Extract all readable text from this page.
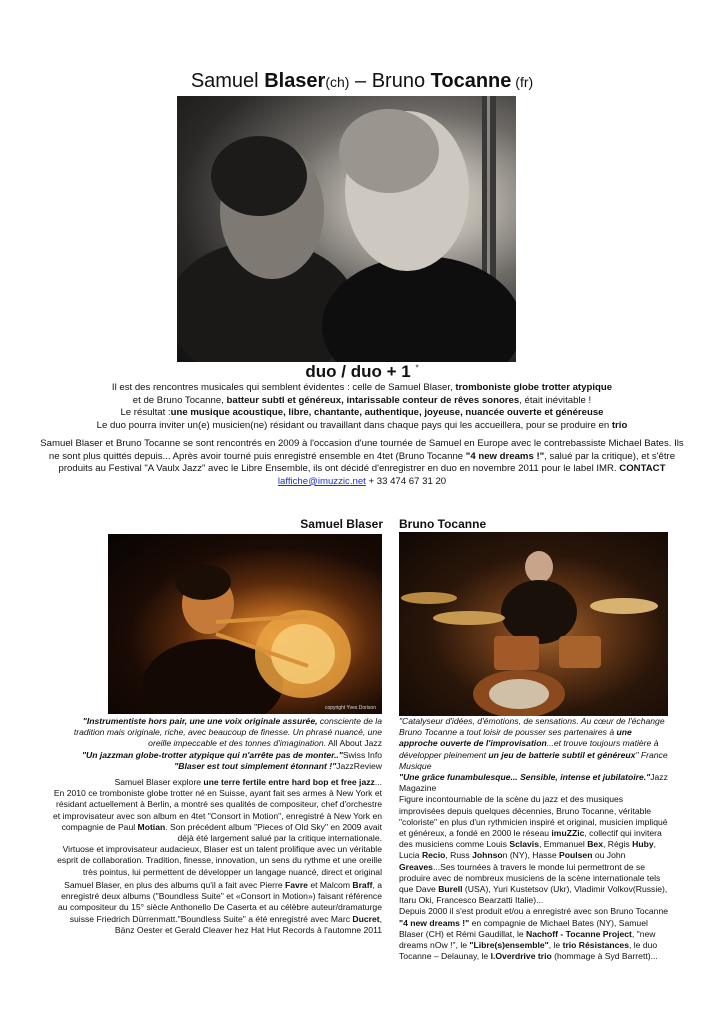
Samuel Blaser(ch) – Bruno Tocanne (fr)
duo / duo + 1 *
Il est des rencontres musicales qui semblent évidentes : celle de Samuel Blaser, tromboniste globe trotter atypique
et de Bruno Tocanne, batteur subtl et généreux, intarissable conteur de rêves sonores, était inévitable !
Le résultat :une musique acoustique, libre, chantante, authentique, joyeuse, nuancée ouverte et généreuse
Le duo pourra inviter un(e) musicien(ne) résidant ou travaillant dans chaque pays qui les accueillera, pour se produire en trio
Samuel Blaser et Bruno Tocanne se sont rencontrés en 2009 à l'occasion d'une tournée de Samuel en Europe avec le contrebassiste Michael Bates. Ils ne sont plus quittés depuis... Après avoir tourné puis enregistré ensemble en 4tet (Bruno Tocanne "4 new dreams !", salué par la critique), et s'être produits au Festival "A Vaulx Jazz" avec le Libre Ensemble, ils ont décidé d'enregistrer en duo en novembre 2011 pour le label IMR. CONTACT laffiche@imuzzic.net + 33 474 67 31 20
Samuel Blaser Bruno Tocanne
copyright Yves Dorison

"Instrumentiste hors pair, une une voix originale assurée, consciente de la tradition mais originale, riche, avec beaucoup de finesse. Un phrasé nuancé, une oreille impeccable et des tonnes d'imagination. All About Jazz

"Un jazzman globe-trotter atypique qui n'arrête pas de monter.."Swiss Info

"Blaser est tout simplement étonnant !"JazzReview

Samuel Blaser explore une terre fertile entre hard bop et free jazz...

En 2010 ce tromboniste globe trotter né en Suisse, ayant fait ses armes à New York et résidant actuellement à Berlin, a montré ses qualités de compositeur, chef d'orchestre et improvisateur avec son album en 4tet "Consort in Motion", enregistré à New York en compagnie de Paul Motian. Son précédent album "Pieces of Old Sky" en 2009 avait déjà été largement salué par la critique internationale.

Virtuose et improvisateur audacieux, Blaser est un talent prolifique avec un véritable esprit de collaboration. Tradition, finesse, innovation, un sens du rythme et une oreille très pointus, lui permettent de développer un langage nuancé, direct et original

Samuel Blaser, en plus des albums qu'il a fait avec Pierre Favre et Malcom Braff, a enregistré deux albums ("Boundless Suite" et «Consort in Motion») faisant référence au compositeur du 15° siècle Anthonello De Caserta et au célèbre auteur/dramaturge suisse Friedrich Dürrenmatt."Boundless Suite" a été enregistré avec Marc Ducret, Bänz Oester et Gerald Cleaver hez Hat Hut Records à l'automne 2011

"Catalyseur d'idées, d'émotions, de sensations. Au cœur de l'échange Bruno Tocanne a tout loisir de pousser ses partenaires à une approche ouverte de l'improvisation...et trouve toujours matière à développer pleinement un jeu de batterie subtil et généreux" France Musique

"Une grâce funambulesque... Sensible, intense et jubilatoire."Jazz Magazine

Figure incontournable de la scène du jazz et des musiques improvisées depuis quelques décennies, Bruno Tocanne, véritable "coloriste" en plus d'un rythmicien inspiré et original, musicien impliqué et généreux, a fondé en 2000 le réseau imuZZic, collectif qui invitera des musiciens comme Louis Sclavis, Emmanuel Bex, Régis Huby, Lucia Recio, Russ Johnson (NY), Hasse Poulsen ou John Greaves...Ses tournées à travers le monde lui permettront de se produire avec de nombreux musiciens de la scène internationale tels que Dave Burell (USA), Yuri Kustetsov (Ukr), Vladimir Volkov(Russie), Itaru Oki, Francesco Bearzatti Italie)...

Depuis 2000 il s'est produit et/ou a enregistré avec son Bruno Tocanne "4 new dreams !" en compagnie de Michael Bates (NY), Samuel Blaser (CH) et Rémi Gaudillat, le Nachoff - Tocanne Project, "new dreams nOw !", le "Libre(s)ensemble", le trio Résistances, le duo Tocanne – Delaunay, le I.Overdrive trio (hommage à Syd Barrett)...
